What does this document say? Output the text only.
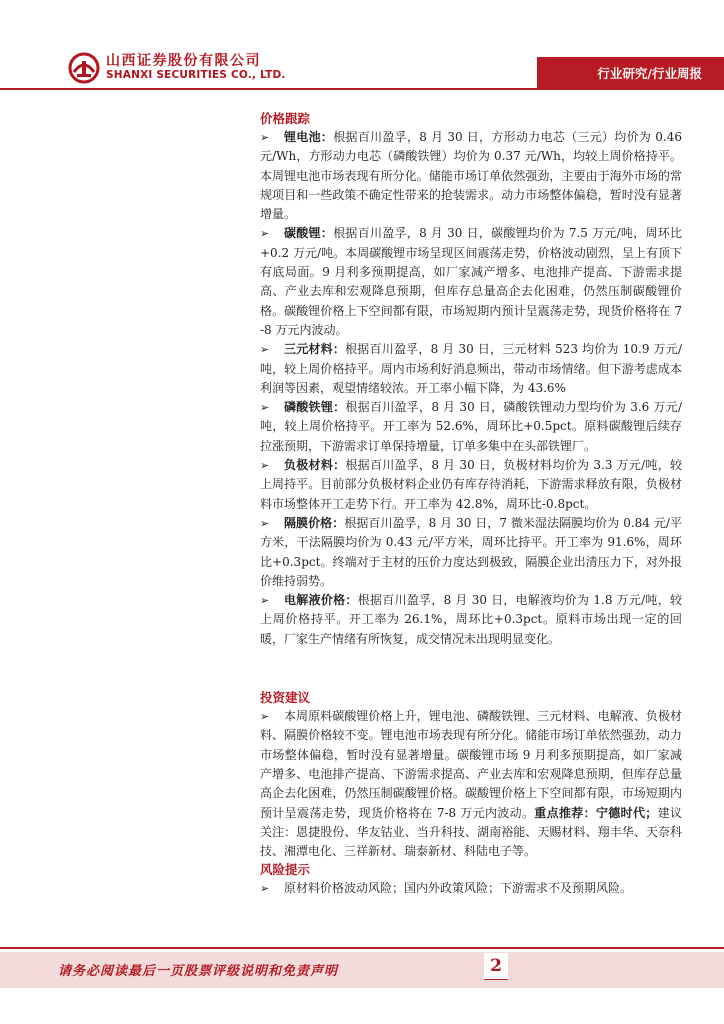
山西证券股份有限公司
SHANXI SECURITIES CO., LTD.	行业研究/行业周报
价格跟踪

➢ 锂电池：根据百川盈孚，8 月 30 日，方形动力电芯（三元）均价为 0.46 元/Wh，方形动力电芯（磷酸铁锂）均价为 0.37 元/Wh，均较上周价格持平。本周锂电池市场表现有所分化。储能市场订单依然强劲，主要由于海外市场的常规项目和一些政策不确定性带来的抢装需求。动力市场整体偏稳，暂时没有显著增量。

➢ 碳酸锂：根据百川盈孚，8 月 30 日，碳酸锂均价为 7.5 万元/吨，周环比+0.2 万元/吨。本周碳酸锂市场呈现区间震荡走势，价格波动剧烈，呈上有顶下有底局面。9 月利多预期提高，如厂家减产增多、电池排产提高、下游需求提高、产业去库和宏观降息预期，但库存总量高企去化困难，仍然压制碳酸锂价格。碳酸锂价格上下空间都有限，市场短期内预计呈震荡走势，现货价格将在 7-8 万元内波动。

➢ 三元材料：根据百川盈孚，8 月 30 日，三元材料 523 均价为 10.9 万元/吨，较上周价格持平。周内市场利好消息频出，带动市场情绪。但下游考虑成本利润等因素，观望情绪较浓。开工率小幅下降，为 43.6%

➢ 磷酸铁锂：根据百川盈孚，8 月 30 日，磷酸铁锂动力型均价为 3.6 万元/吨，较上周价格持平。开工率为 52.6%，周环比+0.5pct。原料碳酸锂后续存拉涨预期，下游需求订单保持增量，订单多集中在头部铁锂厂。

➢ 负极材料：根据百川盈孚，8 月 30 日，负极材料均价为 3.3 万元/吨，较上周持平。目前部分负极材料企业仍有库存待消耗，下游需求释放有限，负极材料市场整体开工走势下行。开工率为 42.8%，周环比-0.8pct。

➢ 隔膜价格：根据百川盈孚，8 月 30 日，7 微米湿法隔膜均价为 0.84 元/平方米，干法隔膜均价为 0.43 元/平方米，周环比持平。开工率为 91.6%，周环比+0.3pct。终端对于主材的压价力度达到极致，隔膜企业出清压力下，对外报价维持弱势。

➢ 电解液价格：根据百川盈孚，8 月 30 日，电解液均价为 1.8 万元/吨，较上周价格持平。开工率为 26.1%，周环比+0.3pct。原料市场出现一定的回暖，厂家生产情绪有所恢复，成交情况未出现明显变化。

投资建议

➢ 本周原料碳酸锂价格上升，锂电池、磷酸铁锂、三元材料、电解液、负极材料、隔膜价格较不变。锂电池市场表现有所分化。储能市场订单依然强劲，动力市场整体偏稳，暂时没有显著增量。碳酸锂市场 9 月利多预期提高，如厂家减产增多、电池排产提高、下游需求提高、产业去库和宏观降息预期，但库存总量高企去化困难，仍然压制碳酸锂价格。碳酸锂价格上下空间都有限，市场短期内预计呈震荡走势，现货价格将在 7-8 万元内波动。重点推荐：宁德时代；建议关注：恩捷股份、华友钴业、当升科技、湖南裕能、天赐材料、翔丰华、天奈科技、湘潭电化、三祥新材、瑞泰新材、科陆电子等。

风险提示

➢ 原材料价格波动风险；国内外政策风险；下游需求不及预期风险。

请务必阅读最后一页股票评级说明和免责声明	2
